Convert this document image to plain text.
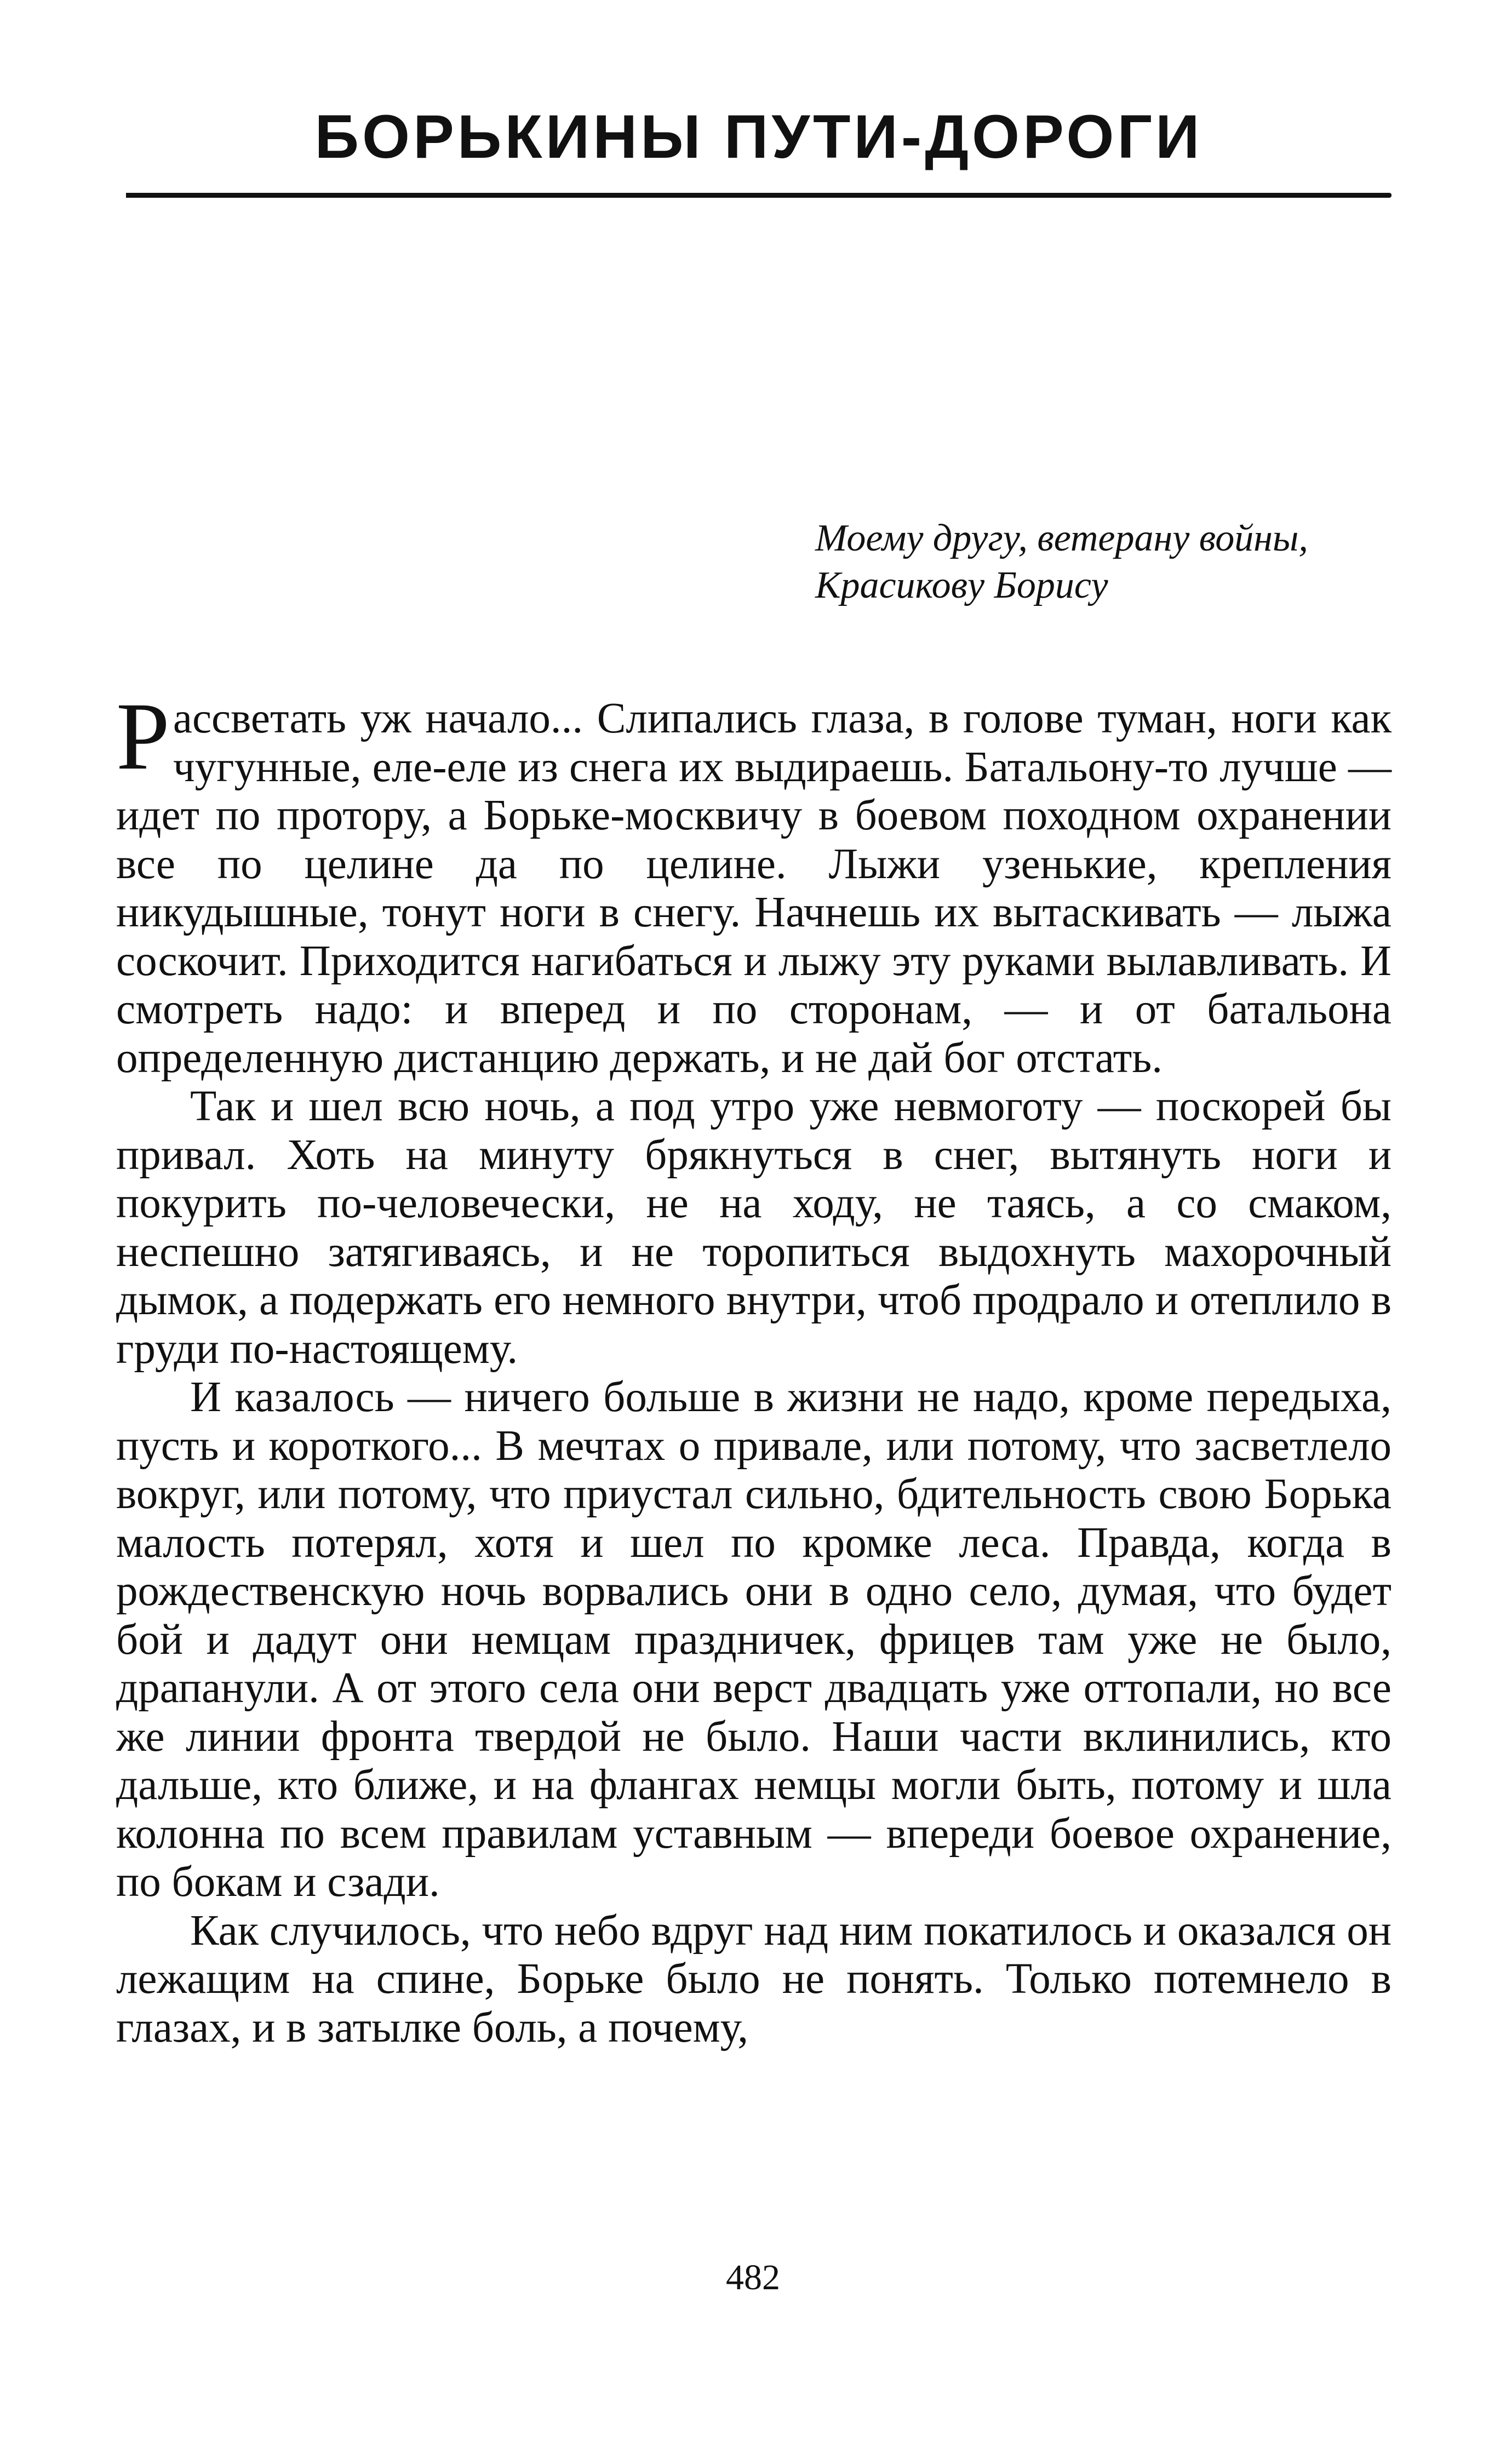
БОРЬКИНЫ ПУТИ-ДОРОГИ
Моему другу, ветерану войны,
Красикову Борису

Рассветать уж начало... Слипались глаза, в голове туман, ноги как чугунные, еле-еле из снега их выдираешь. Батальону-то лучше — идет по протору, а Борьке-москвичу в боевом походном охранении все по целине да по целине. Лыжи узенькие, крепления никудышные, тонут ноги в снегу. Начнешь их вытаскивать — лыжа соскочит. Приходится нагибаться и лыжу эту руками вылавливать. И смотреть надо: и вперед и по сторонам, — и от батальона определенную дистанцию держать, и не дай бог отстать.

Так и шел всю ночь, а под утро уже невмоготу — поскорей бы привал. Хоть на минуту брякнуться в снег, вытянуть ноги и покурить по-человечески, не на ходу, не таясь, а со смаком, неспешно затягиваясь, и не торопиться выдохнуть махорочный дымок, а подержать его немного внутри, чтоб продрало и отеплило в груди по-настоящему.

И казалось — ничего больше в жизни не надо, кроме передыха, пусть и короткого... В мечтах о привале, или потому, что засветлело вокруг, или потому, что приустал сильно, бдительность свою Борька малость потерял, хотя и шел по кромке леса. Правда, когда в рождественскую ночь ворвались они в одно село, думая, что будет бой и дадут они немцам праздничек, фрицев там уже не было, драпанули. А от этого села они верст двадцать уже оттопали, но все же линии фронта твердой не было. Наши части вклинились, кто дальше, кто ближе, и на флангах немцы могли быть, потому и шла колонна по всем правилам уставным — впереди боевое охранение, по бокам и сзади.

Как случилось, что небо вдруг над ним покатилось и оказался он лежащим на спине, Борьке было не понять. Только потемнело в глазах, и в затылке боль, а почему,

482
